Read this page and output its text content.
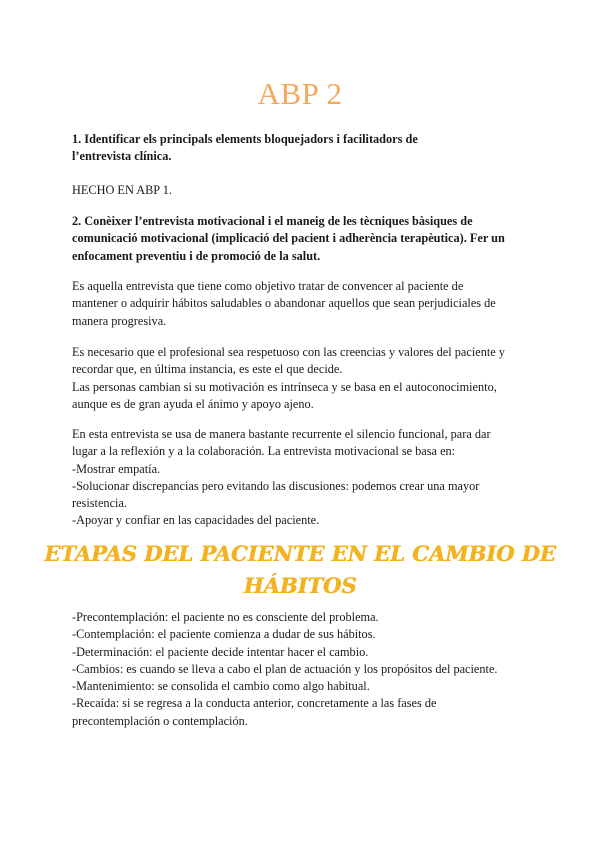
ABP 2
1. Identificar els principals elements bloquejadors i facilitadors de
l’entrevista clínica.
HECHO EN ABP 1.
2. Conèixer l’entrevista motivacional i el maneig de les tècniques bàsiques de
comunicació motivacional (implicació del pacient i adherència terapèutica). Fer un
enfocament preventiu i de promoció de la salut.
Es aquella entrevista que tiene como objetivo tratar de convencer al paciente de
mantener o adquirir hábitos saludables o abandonar aquellos que sean perjudiciales de
manera progresiva.
Es necesario que el profesional sea respetuoso con las creencias y valores del paciente y
recordar que, en última instancia, es este el que decide.
Las personas cambian si su motivación es intrínseca y se basa en el autoconocimiento,
aunque es de gran ayuda el ánimo y apoyo ajeno.
En esta entrevista se usa de manera bastante recurrente el silencio funcional, para dar
lugar a la reflexión y a la colaboración. La entrevista motivacional se basa en:
-Mostrar empatía.
-Solucionar discrepancias pero evitando las discusiones: podemos crear una mayor
resistencia.
-Apoyar y confiar en las capacidades del paciente.
ETAPAS DEL PACIENTE EN EL CAMBIO DE
HÁBITOS
-Precontemplación: el paciente no es consciente del problema.
-Contemplación: el paciente comienza a dudar de sus hábitos.
-Determinación: el paciente decide intentar hacer el cambio.
-Cambios: es cuando se lleva a cabo el plan de actuación y los propósitos del paciente.
-Mantenimiento: se consolida el cambio como algo habitual.
-Recaída: si se regresa a la conducta anterior, concretamente a las fases de
precontemplación o contemplación.
